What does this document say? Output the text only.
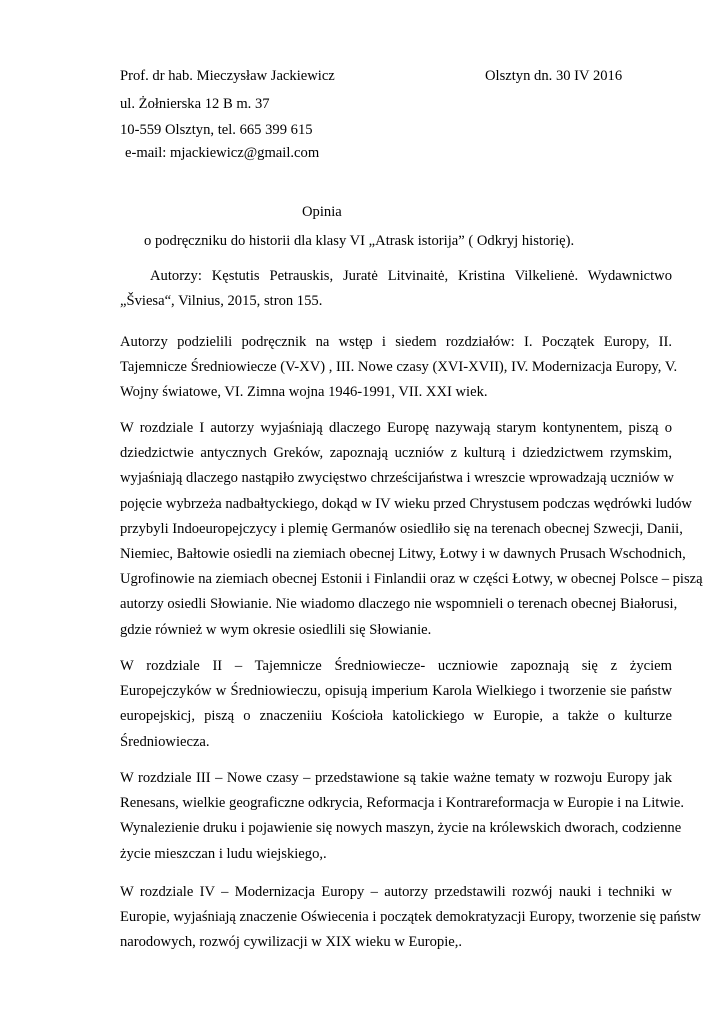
Prof. dr hab. Mieczysław Jackiewicz	Olsztyn dn. 30 IV 2016
ul. Żołnierska 12 B m. 37
10-559 Olsztyn, tel. 665 399 615
e-mail: mjackiewicz@gmail.com
Opinia
o podręczniku do historii dla klasy VI „Atrask istorija” ( Odkryj historię).
Autorzy: Kęstutis Petrauskis, Juratė Litvinaitė, Kristina Vilkelienė. Wydawnictwo
„Šviesa“, Vilnius, 2015, stron 155.
Autorzy podzielili podręcznik na wstęp i siedem rozdziałów: I. Początek Europy, II.
Tajemnicze Średniowiecze (V-XV) , III. Nowe czasy (XVI-XVII), IV. Modernizacja Europy, V.
Wojny światowe, VI. Zimna wojna 1946-1991, VII. XXI wiek.
W rozdziale I autorzy wyjaśniają dlaczego Europę nazywają starym kontynentem, piszą o
dziedzictwie antycznych Greków, zapoznają uczniów z kulturą i dziedzictwem rzymskim,
wyjaśniają dlaczego nastąpiło zwycięstwo chrześcijaństwa i wreszcie wprowadzają uczniów w
pojęcie wybrzeża nadbałtyckiego, dokąd w IV wieku przed Chrystusem podczas wędrówki ludów
przybyli Indoeuropejczycy i plemię Germanów osiedliło się na terenach obecnej Szwecji, Danii,
Niemiec, Bałtowie osiedli na ziemiach obecnej Litwy, Łotwy i w dawnych Prusach Wschodnich,
Ugrofinowie na ziemiach obecnej Estonii i Finlandii oraz w części Łotwy, w obecnej Polsce – piszą
autorzy osiedli Słowianie. Nie wiadomo dlaczego nie wspomnieli o terenach obecnej Białorusi,
gdzie również w wym okresie osiedlili się Słowianie.
W rozdziale II – Tajemnicze Średniowiecze- uczniowie zapoznają się z życiem
Europejczyków w Średniowieczu, opisują imperium Karola Wielkiego i tworzenie sie państw
europejskicj, piszą o znaczeniiu Kościoła katolickiego w Europie, a także o kulturze
Średniowiecza.
W rozdziale III – Nowe czasy – przedstawione są takie ważne tematy w rozwoju Europy jak
Renesans, wielkie geograficzne odkrycia, Reformacja i Kontrareformacja w Europie i na Litwie.
Wynalezienie druku i pojawienie się nowych maszyn, życie na królewskich dworach, codzienne
życie mieszczan i ludu wiejskiego,.
W rozdziale IV – Modernizacja Europy – autorzy przedstawili rozwój nauki i techniki w
Europie, wyjaśniają znaczenie Oświecenia i początek demokratyzacji Europy, tworzenie się państw
narodowych, rozwój cywilizacji w XIX wieku w Europie,.
